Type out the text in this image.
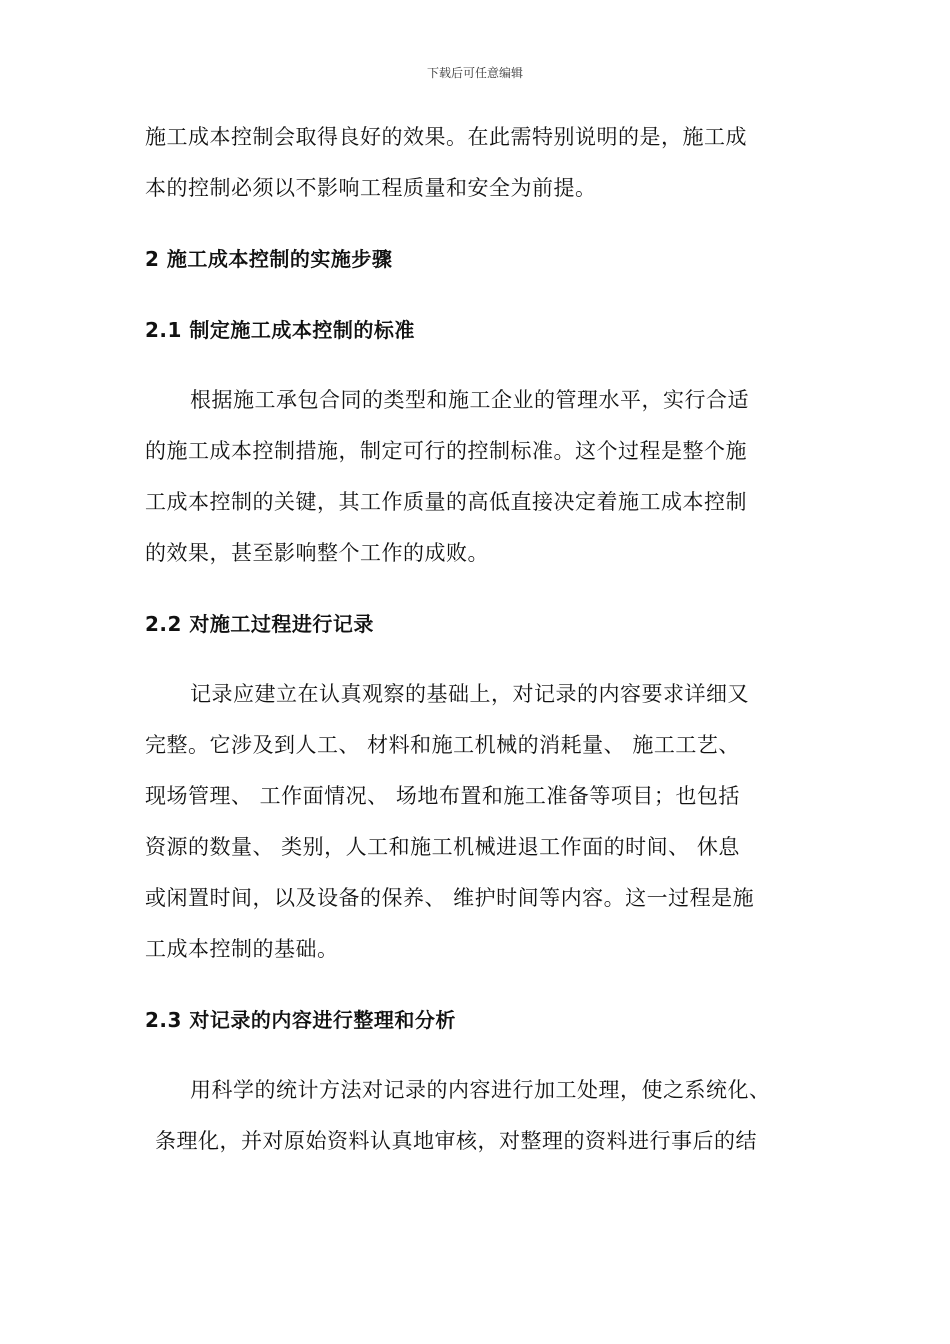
下载后可任意编辑
施工成本控制会取得良好的效果。在此需特别说明的是，施工成
本的控制必须以不影响工程质量和安全为前提。
2 施工成本控制的实施步骤
2.1 制定施工成本控制的标准
根据施工承包合同的类型和施工企业的管理水平，实行合适
的施工成本控制措施，制定可行的控制标准。这个过程是整个施
工成本控制的关键，其工作质量的高低直接决定着施工成本控制
的效果，甚至影响整个工作的成败。
2.2 对施工过程进行记录
记录应建立在认真观察的基础上，对记录的内容要求详细又
完整。它涉及到人工、 材料和施工机械的消耗量、 施工工艺、
现场管理、 工作面情况、 场地布置和施工准备等项目；也包括
资源的数量、 类别，人工和施工机械进退工作面的时间、 休息
或闲置时间，以及设备的保养、 维护时间等内容。这一过程是施
工成本控制的基础。
2.3 对记录的内容进行整理和分析
用科学的统计方法对记录的内容进行加工处理，使之系统化、
条理化，并对原始资料认真地审核，对整理的资料进行事后的结
